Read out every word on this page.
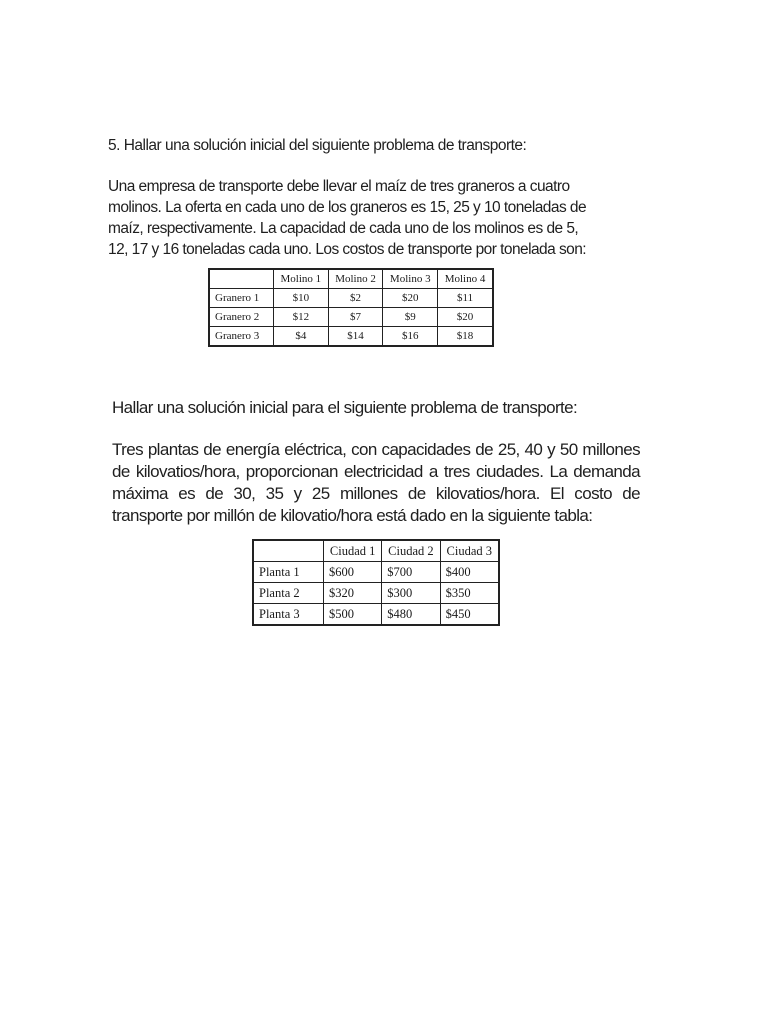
5. Hallar una solución inicial del siguiente problema de transporte:

Una empresa de transporte debe llevar el maíz de tres graneros a cuatro
molinos. La oferta en cada uno de los graneros es 15, 25 y 10 toneladas de
maíz, respectivamente. La capacidad de cada uno de los molinos es de 5,
12, 17 y 16 toneladas cada uno. Los costos de transporte por tonelada son:

	Molino 1	Molino 2	Molino 3	Molino 4
Granero 1	$10	$2	$20	$11
Granero 2	$12	$7	$9	$20
Granero 3	$4	$14	$16	$18
Hallar una solución inicial para el siguiente problema de transporte:

Tres plantas de energía eléctrica, con capacidades de 25, 40 y 50 millones
de kilovatios/hora, proporcionan electricidad a tres ciudades. La demanda
máxima es de 30, 35 y 25 millones de kilovatios/hora. El costo de
transporte por millón de kilovatio/hora está dado en la siguiente tabla:

	Ciudad 1	Ciudad 2	Ciudad 3
Planta 1	$600	$700	$400
Planta 2	$320	$300	$350
Planta 3	$500	$480	$450
